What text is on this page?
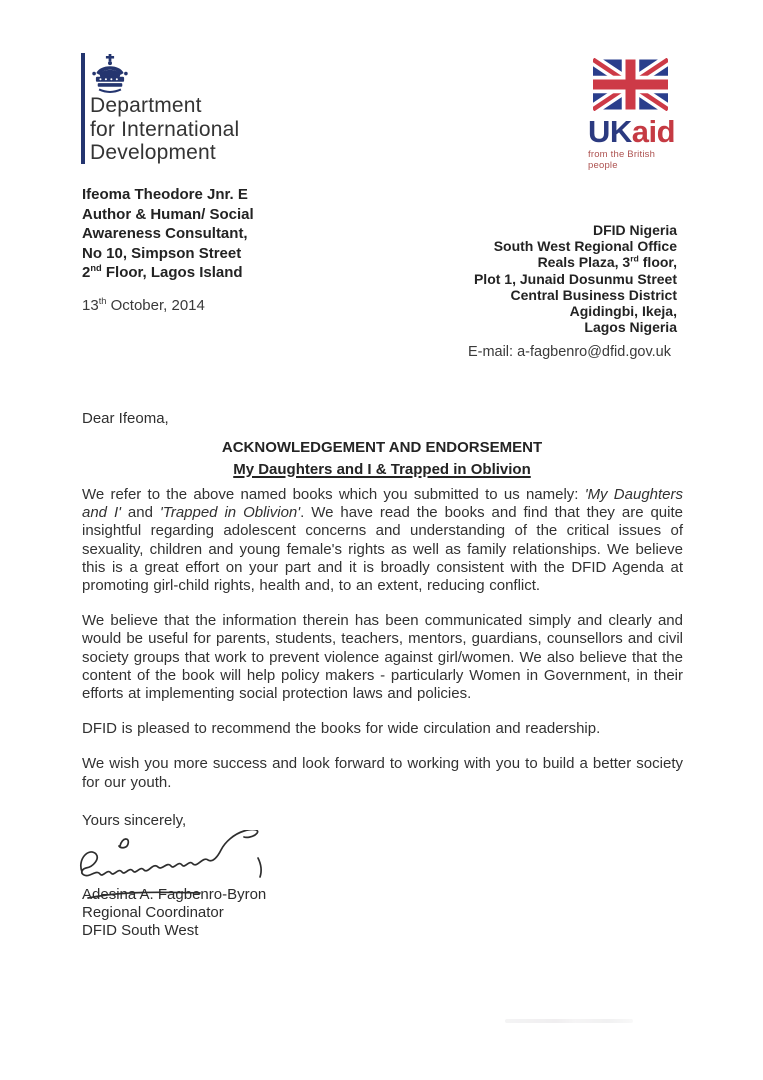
Department
for International
Development
UKaid
from the British people
Ifeoma Theodore Jnr. E
Author & Human/ Social
Awareness Consultant,
No 10, Simpson Street
2nd Floor, Lagos Island
13th October, 2014
DFID Nigeria
South West Regional Office
Reals Plaza, 3rd floor,
Plot 1, Junaid Dosunmu Street
Central Business District
Agidingbi, Ikeja,
Lagos Nigeria
E-mail: a-fagbenro@dfid.gov.uk
Dear Ifeoma,
ACKNOWLEDGEMENT AND ENDORSEMENT
My Daughters and I & Trapped in Oblivion

We refer to the above named books which you submitted to us namely: 'My Daughters and I' and 'Trapped in Oblivion'. We have read the books and find that they are quite insightful regarding adolescent concerns and understanding of the critical issues of sexuality, children and young female's rights as well as family relationships. We believe this is a great effort on your part and it is broadly consistent with the DFID Agenda at promoting girl-child rights, health and, to an extent, reducing conflict.

We believe that the information therein has been communicated simply and clearly and would be useful for parents, students, teachers, mentors, guardians, counsellors and civil society groups that work to prevent violence against girl/women. We also believe that the content of the book will help policy makers - particularly Women in Government, in their efforts at implementing social protection laws and policies.

DFID is pleased to recommend the books for wide circulation and readership.

We wish you more success and look forward to working with you to build a better society for our youth.

Yours sincerely,
Adesina A. Fagbenro-Byron
Regional Coordinator
DFID South West
